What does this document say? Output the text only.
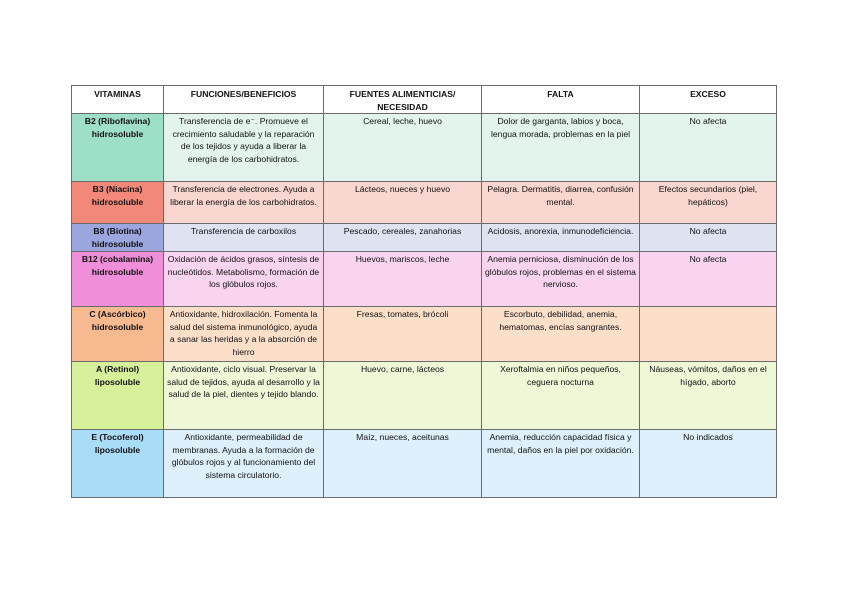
VITAMINAS	FUNCIONES/BENEFICIOS	FUENTES ALIMENTICIAS/ NECESIDAD	FALTA	EXCESO
B2 (Riboflavina) hidrosoluble	Transferencia de e⁻. Promueve el crecimiento saludable y la reparación de los tejidos y ayuda a liberar la energía de los carbohidratos.	Cereal, leche, huevo	Dolor de garganta, labios y boca, lengua morada, problemas en la piel	No afecta
B3 (Niacina) hidrosoluble	Transferencia de electrones. Ayuda a liberar la energía de los carbohidratos.	Lácteos, nueces y huevo	Pelagra. Dermatitis, diarrea, confusión mental.	Efectos secundarios (piel, hepáticos)
B8 (Biotina) hidrosoluble	Transferencia de carboxilos	Pescado, cereales, zanahorias	Acidosis, anorexia, inmunodeficiencia.	No afecta
B12 (cobalamina) hidrosoluble	Oxidación de ácidos grasos, síntesis de nucleótidos. Metabolismo, formación de los glóbulos rojos.	Huevos, mariscos, leche	Anemia perniciosa, disminución de los glóbulos rojos, problemas en el sistema nervioso.	No afecta
C (Ascórbico) hidrosoluble	Antioxidante, hidroxilación. Fomenta la salud del sistema inmunológico, ayuda a sanar las heridas y a la absorción de hierro	Fresas, tomates, brócoli	Escorbuto, debilidad, anemia, hematomas, encías sangrantes.	
A (Retinol) liposoluble	Antioxidante, ciclo visual. Preservar la salud de tejidos, ayuda al desarrollo y la salud de la piel, dientes y tejido blando.	Huevo, carne, lácteos	Xeroftalmia en niños pequeños, ceguera nocturna	Náuseas, vómitos, daños en el hígado, aborto
E (Tocoferol) liposoluble	Antioxidante, permeabilidad de membranas. Ayuda a la formación de glóbulos rojos y al funcionamiento del sistema circulatorio.	Maíz, nueces, aceitunas	Anemia, reducción capacidad física y mental, daños en la piel por oxidación.	No indicados
